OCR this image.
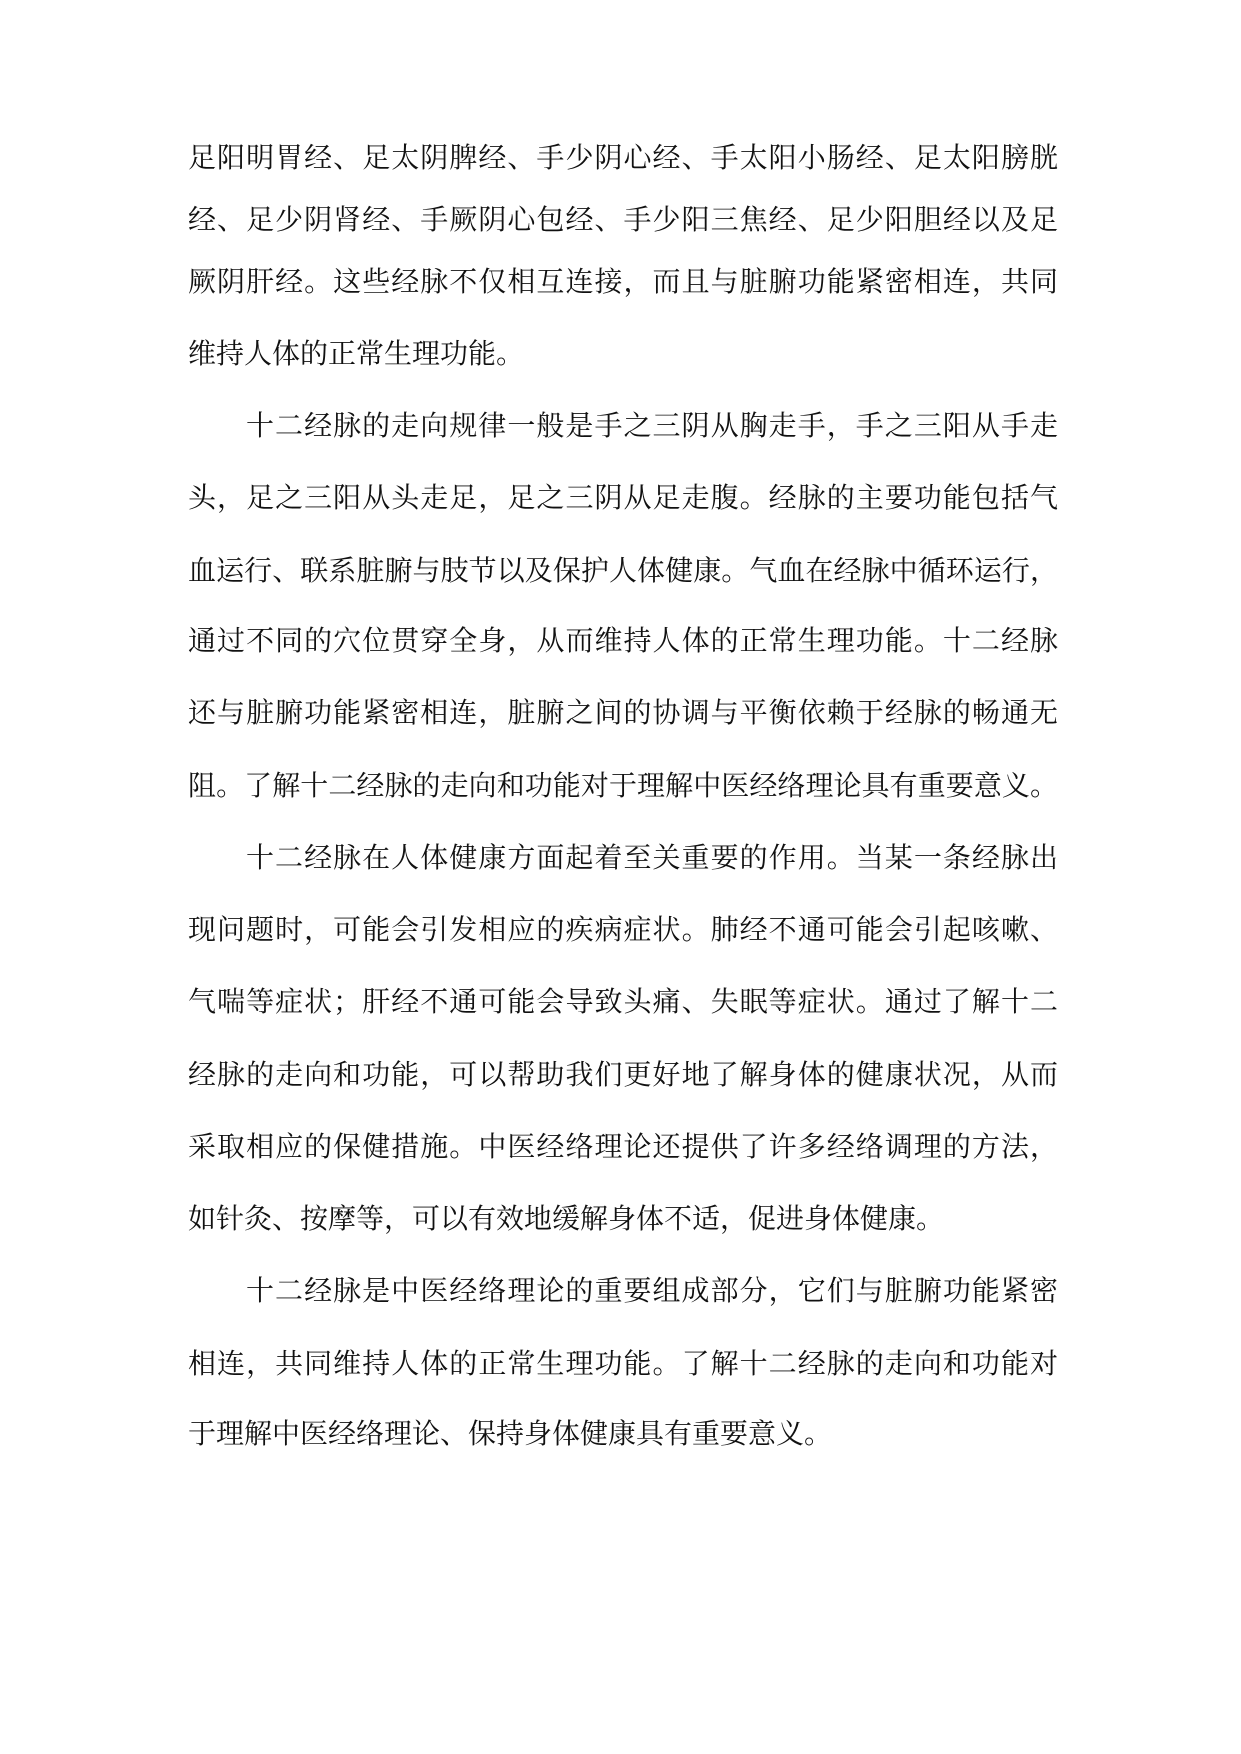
足阳明胃经、足太阴脾经、手少阴心经、手太阳小肠经、足太阳膀胱

经、足少阴肾经、手厥阴心包经、手少阳三焦经、足少阳胆经以及足

厥阴肝经。这些经脉不仅相互连接，而且与脏腑功能紧密相连，共同

维持人体的正常生理功能。

十二经脉的走向规律一般是手之三阴从胸走手，手之三阳从手走

头，足之三阳从头走足，足之三阴从足走腹。经脉的主要功能包括气

血运行、联系脏腑与肢节以及保护人体健康。气血在经脉中循环运行，

通过不同的穴位贯穿全身，从而维持人体的正常生理功能。十二经脉

还与脏腑功能紧密相连，脏腑之间的协调与平衡依赖于经脉的畅通无

阻。了解十二经脉的走向和功能对于理解中医经络理论具有重要意义。

十二经脉在人体健康方面起着至关重要的作用。当某一条经脉出

现问题时，可能会引发相应的疾病症状。肺经不通可能会引起咳嗽、

气喘等症状；肝经不通可能会导致头痛、失眠等症状。通过了解十二

经脉的走向和功能，可以帮助我们更好地了解身体的健康状况，从而

采取相应的保健措施。中医经络理论还提供了许多经络调理的方法，

如针灸、按摩等，可以有效地缓解身体不适，促进身体健康。

十二经脉是中医经络理论的重要组成部分，它们与脏腑功能紧密

相连，共同维持人体的正常生理功能。了解十二经脉的走向和功能对

于理解中医经络理论、保持身体健康具有重要意义。
